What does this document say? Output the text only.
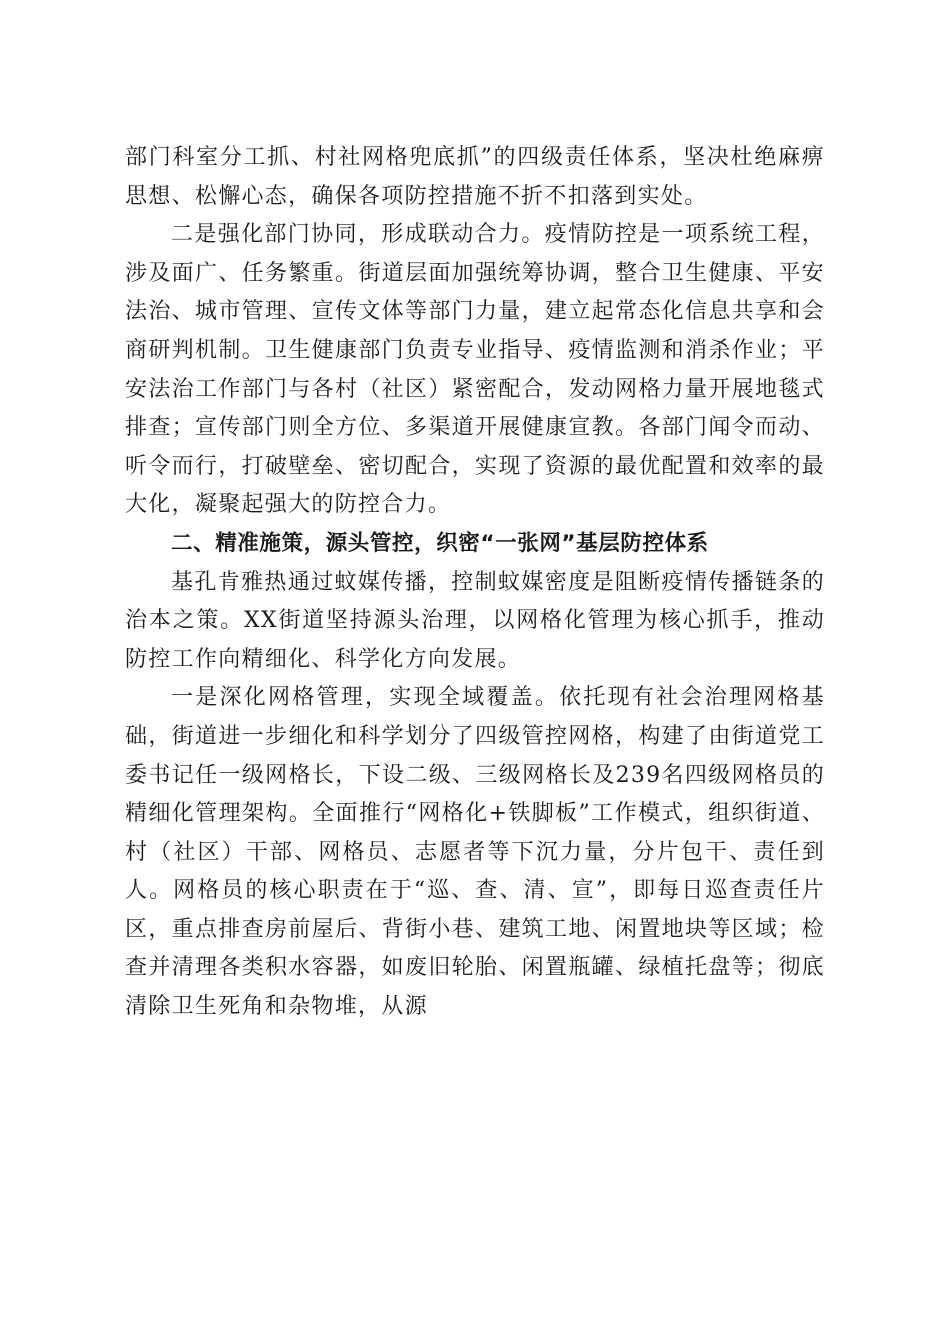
部门科室分工抓、村社网格兜底抓”的四级责任体系，坚决杜绝麻痹思想、松懈心态，确保各项防控措施不折不扣落到实处。

二是强化部门协同，形成联动合力。疫情防控是一项系统工程，涉及面广、任务繁重。街道层面加强统筹协调，整合卫生健康、平安法治、城市管理、宣传文体等部门力量，建立起常态化信息共享和会商研判机制。卫生健康部门负责专业指导、疫情监测和消杀作业；平安法治工作部门与各村（社区）紧密配合，发动网格力量开展地毯式排查；宣传部门则全方位、多渠道开展健康宣教。各部门闻令而动、听令而行，打破壁垒、密切配合，实现了资源的最优配置和效率的最大化，凝聚起强大的防控合力。

二、精准施策，源头管控，织密“一张网”基层防控体系

基孔肯雅热通过蚊媒传播，控制蚊媒密度是阻断疫情传播链条的治本之策。XX街道坚持源头治理，以网格化管理为核心抓手，推动防控工作向精细化、科学化方向发展。

一是深化网格管理，实现全域覆盖。依托现有社会治理网格基础，街道进一步细化和科学划分了四级管控网格，构建了由街道党工委书记任一级网格长，下设二级、三级网格长及239名四级网格员的精细化管理架构。全面推行“网格化+铁脚板”工作模式，组织街道、村（社区）干部、网格员、志愿者等下沉力量，分片包干、责任到人。网格员的核心职责在于“巡、查、清、宣”，即每日巡查责任片区，重点排查房前屋后、背街小巷、建筑工地、闲置地块等区域；检查并清理各类积水容器，如废旧轮胎、闲置瓶罐、绿植托盘等；彻底清除卫生死角和杂物堆，从源
